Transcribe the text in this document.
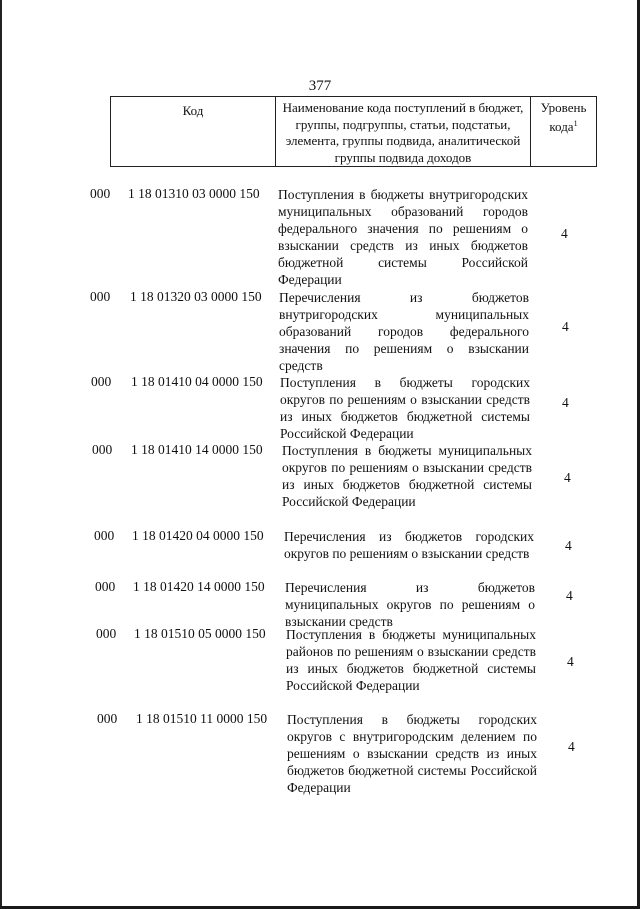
377
Код	Наименование кода поступлений в бюджет, группы, подгруппы, статьи, подстатьи, элемента, группы подвида, аналитической группы подвида доходов	Уровень кода$^1$
000	1 18 01310 03 0000 150 Поступления в бюджеты внутригородских муниципальных образований городов федерального значения по решениям о взыскании средств из иных бюджетов бюджетной системы Российской Федерации
4
000	1 18 01320 03 0000 150 Перечисления из бюджетов внутригородских муниципальных образований городов федерального значения по решениям о взыскании средств
4
000	1 18 01410 04 0000 150 Поступления в бюджеты городских округов по решениям о взыскании средств из иных бюджетов бюджетной системы Российской Федерации
4
000	1 18 01410 14 0000 150 Поступления в бюджеты муниципальных округов по решениям о взыскании средств из иных бюджетов бюджетной системы Российской Федерации
4
000	1 18 01420 04 0000 150 Перечисления из бюджетов городских округов по решениям о взыскании средств
4
000	1 18 01420 14 0000 150 Перечисления из бюджетов муниципальных округов по решениям о взыскании средств
4
000	1 18 01510 05 0000 150 Поступления в бюджеты муниципальных районов по решениям о взыскании средств из иных бюджетов бюджетной системы Российской Федерации
4
000	1 18 01510 11 0000 150 Поступления в бюджеты городских округов с внутригородским делением по решениям о взыскании средств из иных бюджетов бюджетной системы Российской Федерации
4
